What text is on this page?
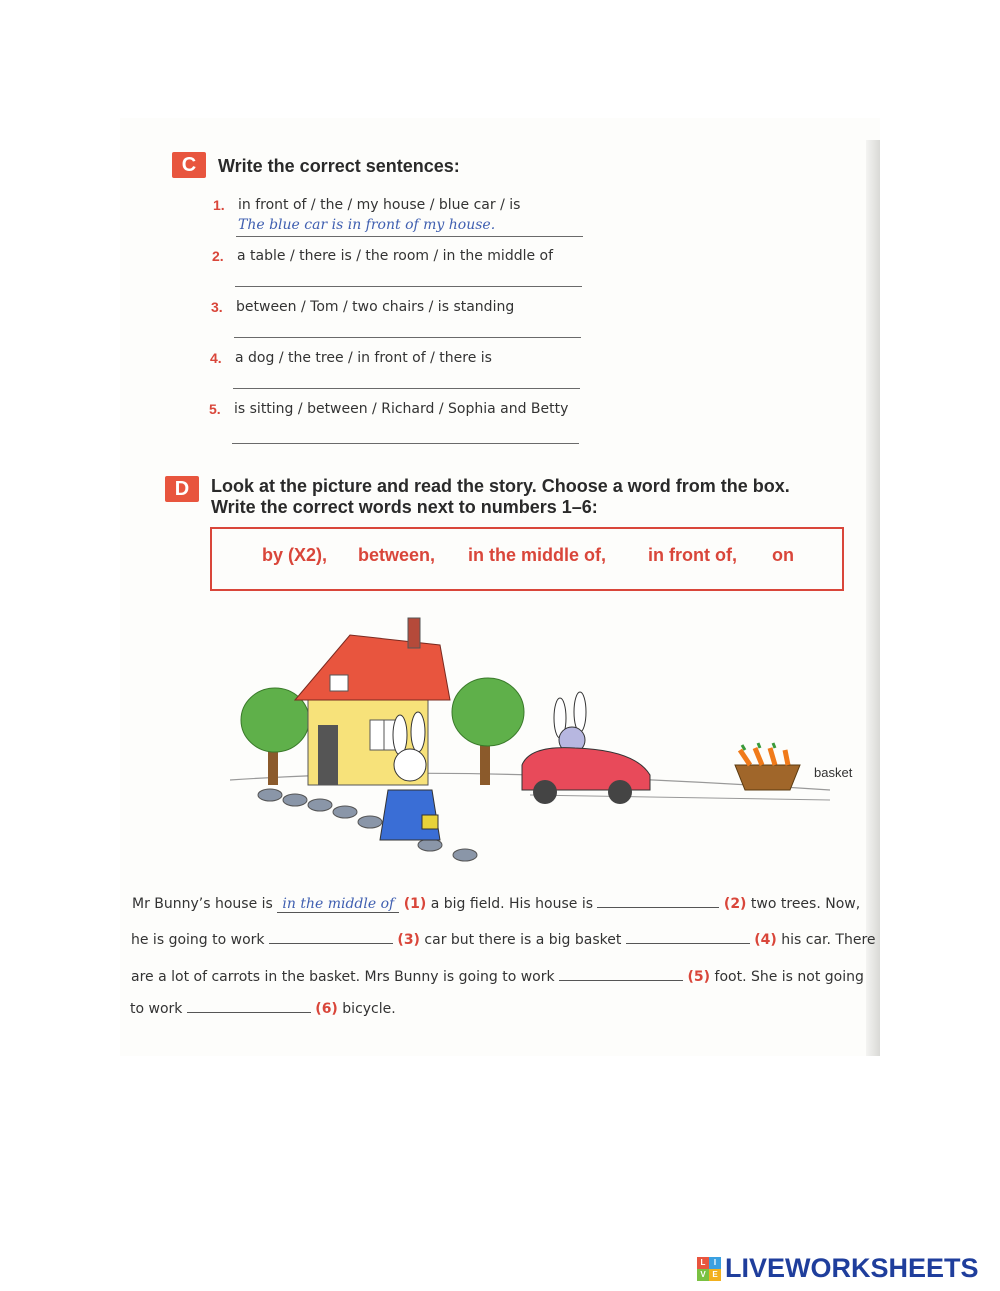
C	Write the correct sentences:
1. in front of / the / my house / blue car / is
The blue car is in front of my house.
2. a table / there is / the room / in the middle of
3. between / Tom / two chairs / is standing
4. a dog / the tree / in front of / there is
5. is sitting / between / Richard / Sophia and Betty
D	Look at the picture and read the story. Choose a word from the box.
Write the correct words next to numbers 1–6:
by (X2), between, in the middle of, in front of, on
basket
Mr Bunny’s house is in the middle of (1) a big field. His house is	(2) two trees. Now,
he is going to work	(3) car but there is a big basket	(4) his car. There
are a lot of carrots in the basket. Mrs Bunny is going to work	(5) foot. She is not going
to work	(6) bicycle.
L	I
V E LIVEWORKSHEETS
